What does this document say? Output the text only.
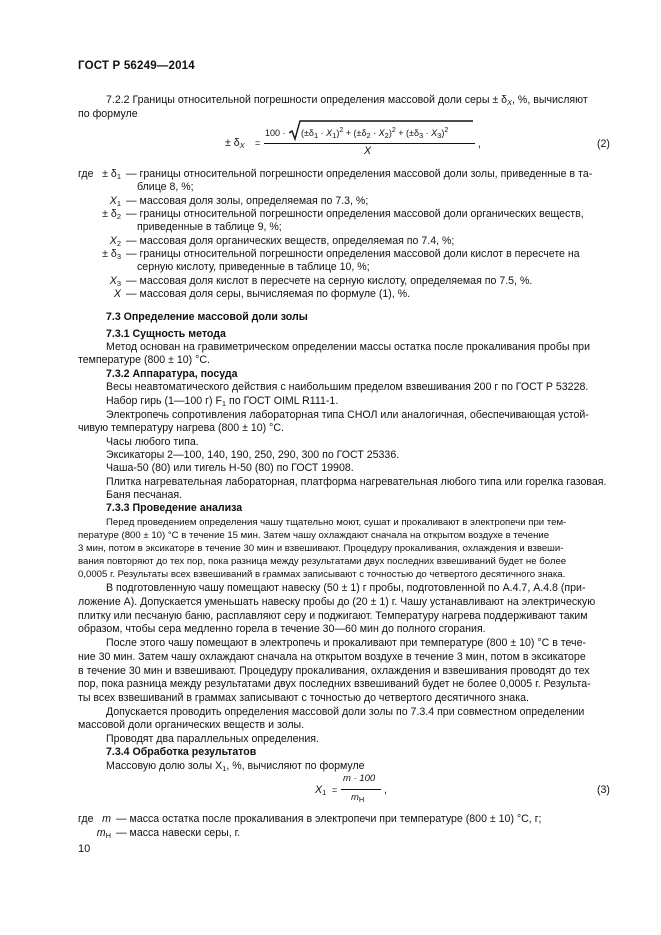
ГОСТ Р 56249—2014
7.2.2 Границы относительной погрешности определения массовой доли серы ± $\delta_X$, %, вычисляют
по формуле
± $\delta_X$ =
$100 \cdot (\pm\delta_1 \cdot X_1)^2 + (\pm\delta_2 \cdot X_2)^2 + (\pm\delta_3 \cdot X_3)^2$
X
,	(2)
где ± $\delta_1$ — границы относительной погрешности определения массовой доли золы, приведенные в та-
блице 8, %;
$X_1$ — массовая доля золы, определяемая по 7.3, %;
± $\delta_2$ — границы относительной погрешности определения массовой доли органических веществ,
приведенные в таблице 9, %;
$X_2$ — массовая доля органических веществ, определяемая по 7.4, %;
± $\delta_3$ — границы относительной погрешности определения массовой доли кислот в пересчете на
серную кислоту, приведенные в таблице 10, %;
$X_3$ — массовая доля кислот в пересчете на серную кислоту, определяемая по 7.5, %.
X — массовая доля серы, вычисляемая по формуле (1), %.
7.3 Определение массовой доли золы
7.3.1 Сущность метода
Метод основан на гравиметрическом определении массы остатка после прокаливания пробы при
температуре (800 ± 10) °С.
7.3.2 Аппаратура, посуда
Весы неавтоматического действия с наибольшим пределом взвешивания 200 г по ГОСТ Р 53228.
Набор гирь (1—100 г) $F_1$ по ГОСТ OIML R111-1.
Электропечь сопротивления лабораторная типа СНОЛ или аналогичная, обеспечивающая устой-
чивую температуру нагрева (800 ± 10) °С.
Часы любого типа.
Эксикаторы 2—100, 140, 190, 250, 290, 300 по ГОСТ 25336.
Чаша-50 (80) или тигель Н-50 (80) по ГОСТ 19908.
Плитка нагревательная лабораторная, платформа нагревательная любого типа или горелка газовая.
Баня песчаная.
7.3.3 Проведение анализа
Перед проведением определения чашу тщательно моют, сушат и прокаливают в электропечи при тем-
пературе (800 ± 10) °С в течение 15 мин. Затем чашу охлаждают сначала на открытом воздухе в течение
3 мин, потом в эксикаторе в течение 30 мин и взвешивают. Процедуру прокаливания, охлаждения и взвеши-
вания повторяют до тех пор, пока разница между результатами двух последних взвешиваний будет не более
0,0005 г. Результаты всех взвешиваний в граммах записывают с точностью до четвертого десятичного знака.
В подготовленную чашу помещают навеску (50 ± 1) г пробы, подготовленной по А.4.7, А.4.8 (при-
ложение А). Допускается уменьшать навеску пробы до (20 ± 1) г. Чашу устанавливают на электрическую
плитку или песчаную баню, расплавляют серу и поджигают. Температуру нагрева поддерживают таким
образом, чтобы сера медленно горела в течение 30—60 мин до полного сгорания.
После этого чашу помещают в электропечь и прокаливают при температуре (800 ± 10) °С в тече-
ние 30 мин. Затем чашу охлаждают сначала на открытом воздухе в течение 3 мин, потом в эксикаторе
в течение 30 мин и взвешивают. Процедуру прокаливания, охлаждения и взвешивания проводят до тех
пор, пока разница между результатами двух последних взвешиваний будет не более 0,0005 г. Результа-
ты всех взвешиваний в граммах записывают с точностью до четвертого десятичного знака.
Допускается проводить определения массовой доли золы по 7.3.4 при совместном определении
массовой доли органических веществ и золы.
Проводят два параллельных определения.
7.3.4 Обработка результатов
Массовую долю золы $X_1$, %, вычисляют по формуле
$X_1$ =
m · 100
$m_Н$
,	(3)
где m — масса остатка после прокаливания в электропечи при температуре (800 ± 10) °С, г;
$m_Н$ — масса навески серы, г.
10
